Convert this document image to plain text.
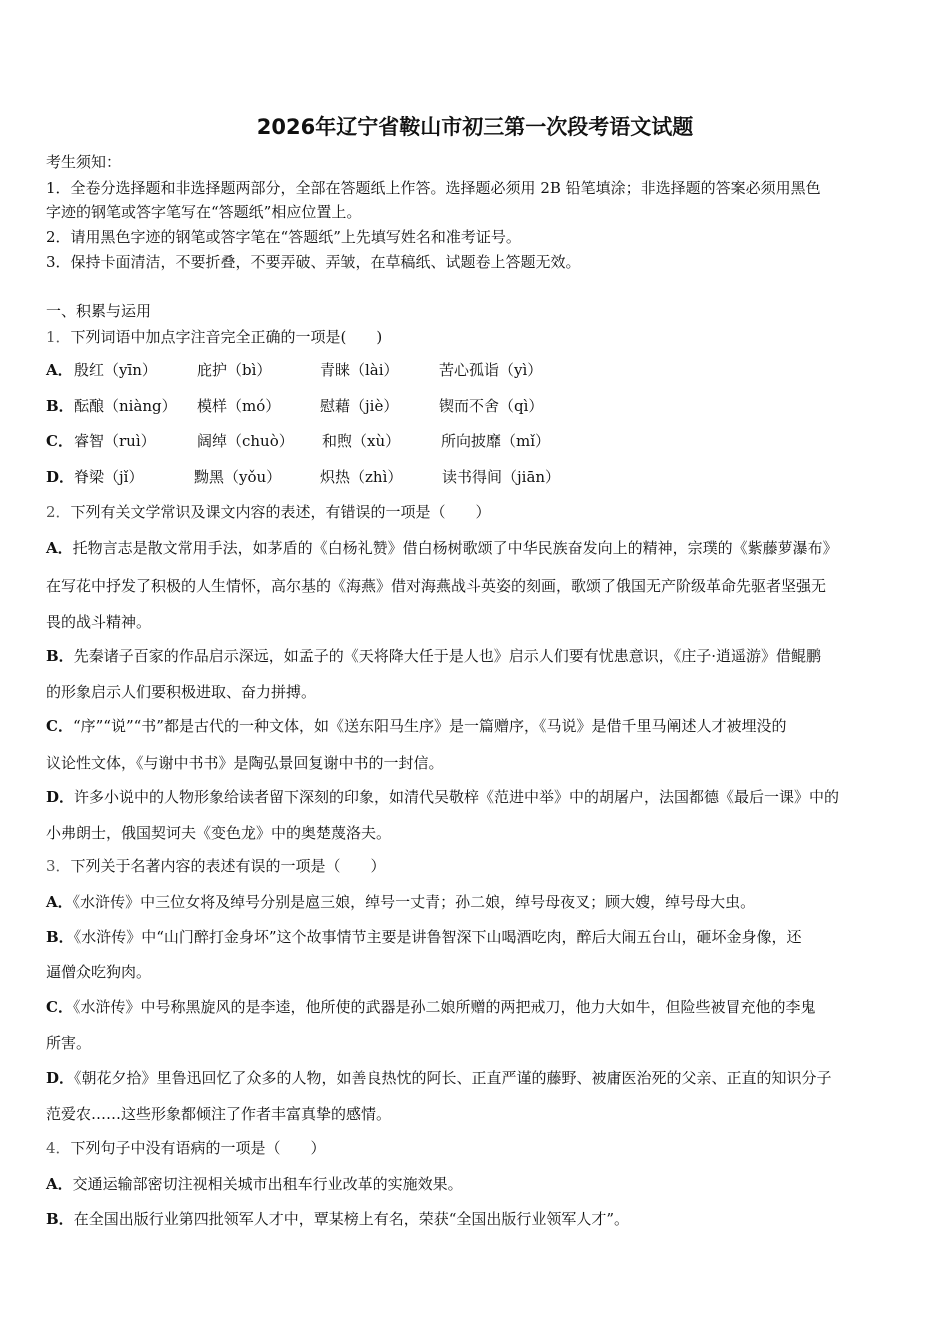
2026年辽宁省鞍山市初三第一次段考语文试题
考生须知：
1．全卷分选择题和非选择题两部分，全部在答题纸上作答。选择题必须用 2B 铅笔填涂；非选择题的答案必须用黑色
字迹的钢笔或答字笔写在“答题纸”相应位置上。
2．请用黑色字迹的钢笔或答字笔在“答题纸”上先填写姓名和准考证号。
3．保持卡面清洁，不要折叠，不要弄破、弄皱，在草稿纸、试题卷上答题无效。
一、积累与运用
1．下列词语中加点字注音完全正确的一项是(　　)
A． 殷红（yīn）	庇护（bì）	青睐（lài）	苦心孤诣（yì）
B． 酝酿（niàng） 模样（mó）	慰藉（jiè）	锲而不舍（qì）
C． 睿智（ruì）	阔绰（chuò） 和煦（xù）	所向披靡（mǐ）
D． 脊梁（jǐ）	黝黑（yǒu）	炽热（zhì）	读书得间（jiān）
2．下列有关文学常识及课文内容的表述，有错误的一项是（　　）
A．托物言志是散文常用手法，如茅盾的《白杨礼赞》借白杨树歌颂了中华民族奋发向上的精神，宗璞的《紫藤萝瀑布》
在写花中抒发了积极的人生情怀，高尔基的《海燕》借对海燕战斗英姿的刻画，歌颂了俄国无产阶级革命先驱者坚强无
畏的战斗精神。
B．先秦诸子百家的作品启示深远，如孟子的《天将降大任于是人也》启示人们要有忧患意识，《庄子·逍遥游》借鲲鹏
的形象启示人们要积极进取、奋力拼搏。
C．“序”“说”“书”都是古代的一种文体，如《送东阳马生序》是一篇赠序，《马说》是借千里马阐述人才被埋没的
议论性文体，《与谢中书书》是陶弘景回复谢中书的一封信。
D．许多小说中的人物形象给读者留下深刻的印象，如清代吴敬梓《范进中举》中的胡屠户，法国都德《最后一课》中的
小弗朗士，俄国契诃夫《变色龙》中的奥楚蔑洛夫。
3．下列关于名著内容的表述有误的一项是（　　）
A．《水浒传》中三位女将及绰号分别是扈三娘，绰号一丈青；孙二娘，绰号母夜叉；顾大嫂，绰号母大虫。
B．《水浒传》中“山门醉打金身坏”这个故事情节主要是讲鲁智深下山喝酒吃肉，醉后大闹五台山，砸坏金身像，还
逼僧众吃狗肉。
C．《水浒传》中号称黑旋风的是李逵，他所使的武器是孙二娘所赠的两把戒刀，他力大如牛，但险些被冒充他的李鬼
所害。
D．《朝花夕拾》里鲁迅回忆了众多的人物，如善良热忱的阿长、正直严谨的藤野、被庸医治死的父亲、正直的知识分子
范爱农……这些形象都倾注了作者丰富真挚的感情。
4．下列句子中没有语病的一项是（　　）
A．交通运输部密切注视相关城市出租车行业改革的实施效果。
B．在全国出版行业第四批领军人才中，覃某榜上有名，荣获“全国出版行业领军人才”。
